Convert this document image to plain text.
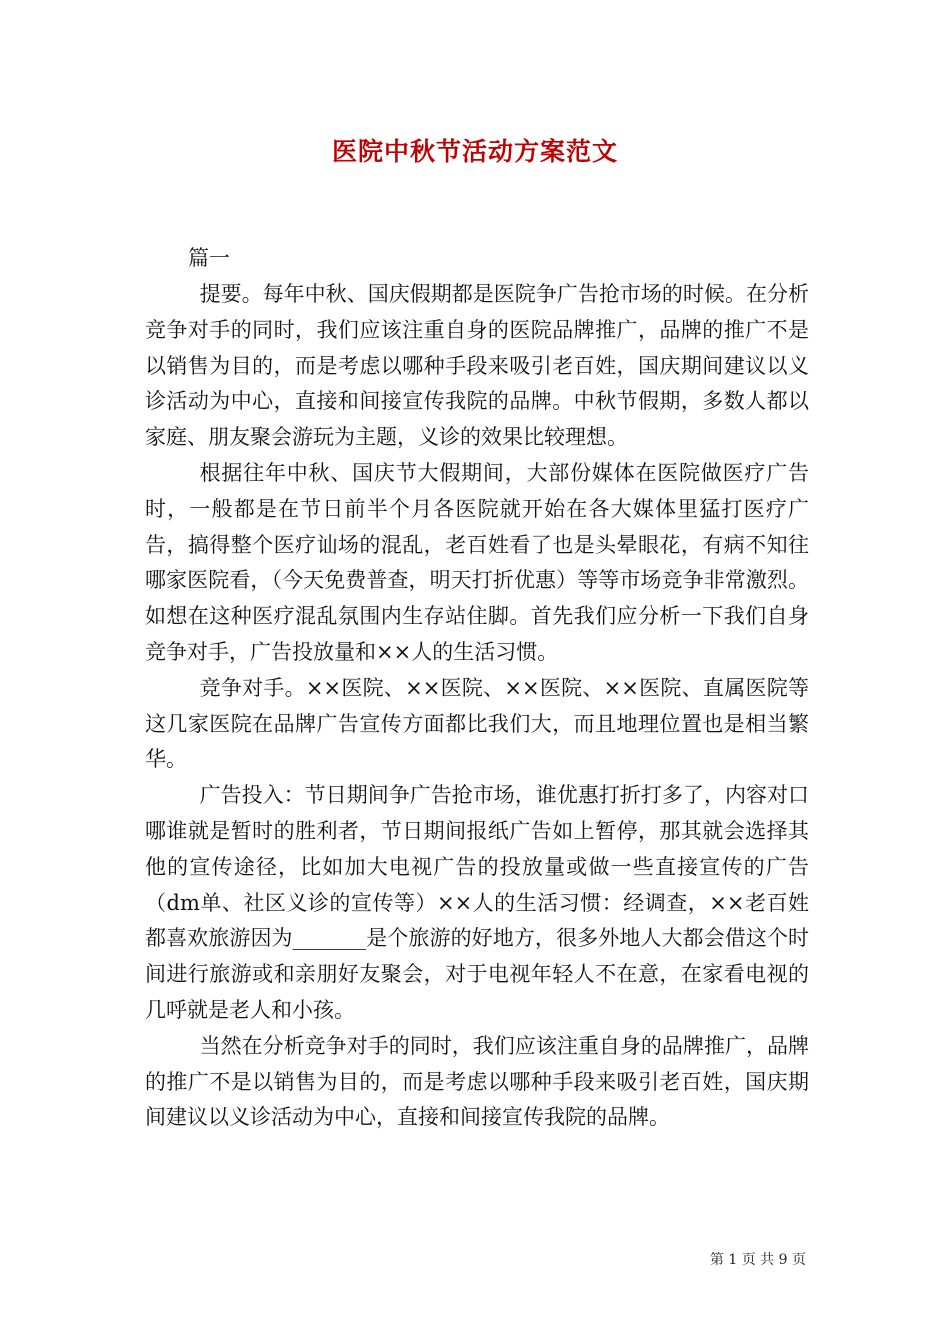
医院中秋节活动方案范文
篇一

提要。每年中秋、国庆假期都是医院争广告抢市场的时候。在分析竞争对手的同时，我们应该注重自身的医院品牌推广，品牌的推广不是以销售为目的，而是考虑以哪种手段来吸引老百姓，国庆期间建议以义诊活动为中心，直接和间接宣传我院的品牌。中秋节假期，多数人都以家庭、朋友聚会游玩为主题，义诊的效果比较理想。

根据往年中秋、国庆节大假期间，大部份媒体在医院做医疗广告时，一般都是在节日前半个月各医院就开始在各大媒体里猛打医疗广告，搞得整个医疗讪场的混乱，老百姓看了也是头晕眼花，有病不知往哪家医院看，（今天免费普查，明天打折优惠）等等市场竞争非常激烈。如想在这种医疗混乱氛围内生存站住脚。首先我们应分析一下我们自身竞争对手，广告投放量和××人的生活习惯。

竞争对手。××医院、××医院、××医院、××医院、直属医院等这几家医院在品牌广告宣传方面都比我们大，而且地理位置也是相当繁华。

广告投入：节日期间争广告抢市场，谁优惠打折打多了，内容对口哪谁就是暂时的胜利者，节日期间报纸广告如上暂停，那其就会选择其他的宣传途径，比如加大电视广告的投放量或做一些直接宣传的广告（dm单、社区义诊的宣传等）××人的生活习惯：经调查，××老百姓都喜欢旅游因为_______是个旅游的好地方，很多外地人大都会借这个时间进行旅游或和亲朋好友聚会，对于电视年轻人不在意，在家看电视的几呼就是老人和小孩。

当然在分析竞争对手的同时，我们应该注重自身的品牌推广，品牌的推广不是以销售为目的，而是考虑以哪种手段来吸引老百姓，国庆期间建议以义诊活动为中心，直接和间接宣传我院的品牌。

第 1 页 共 9 页
